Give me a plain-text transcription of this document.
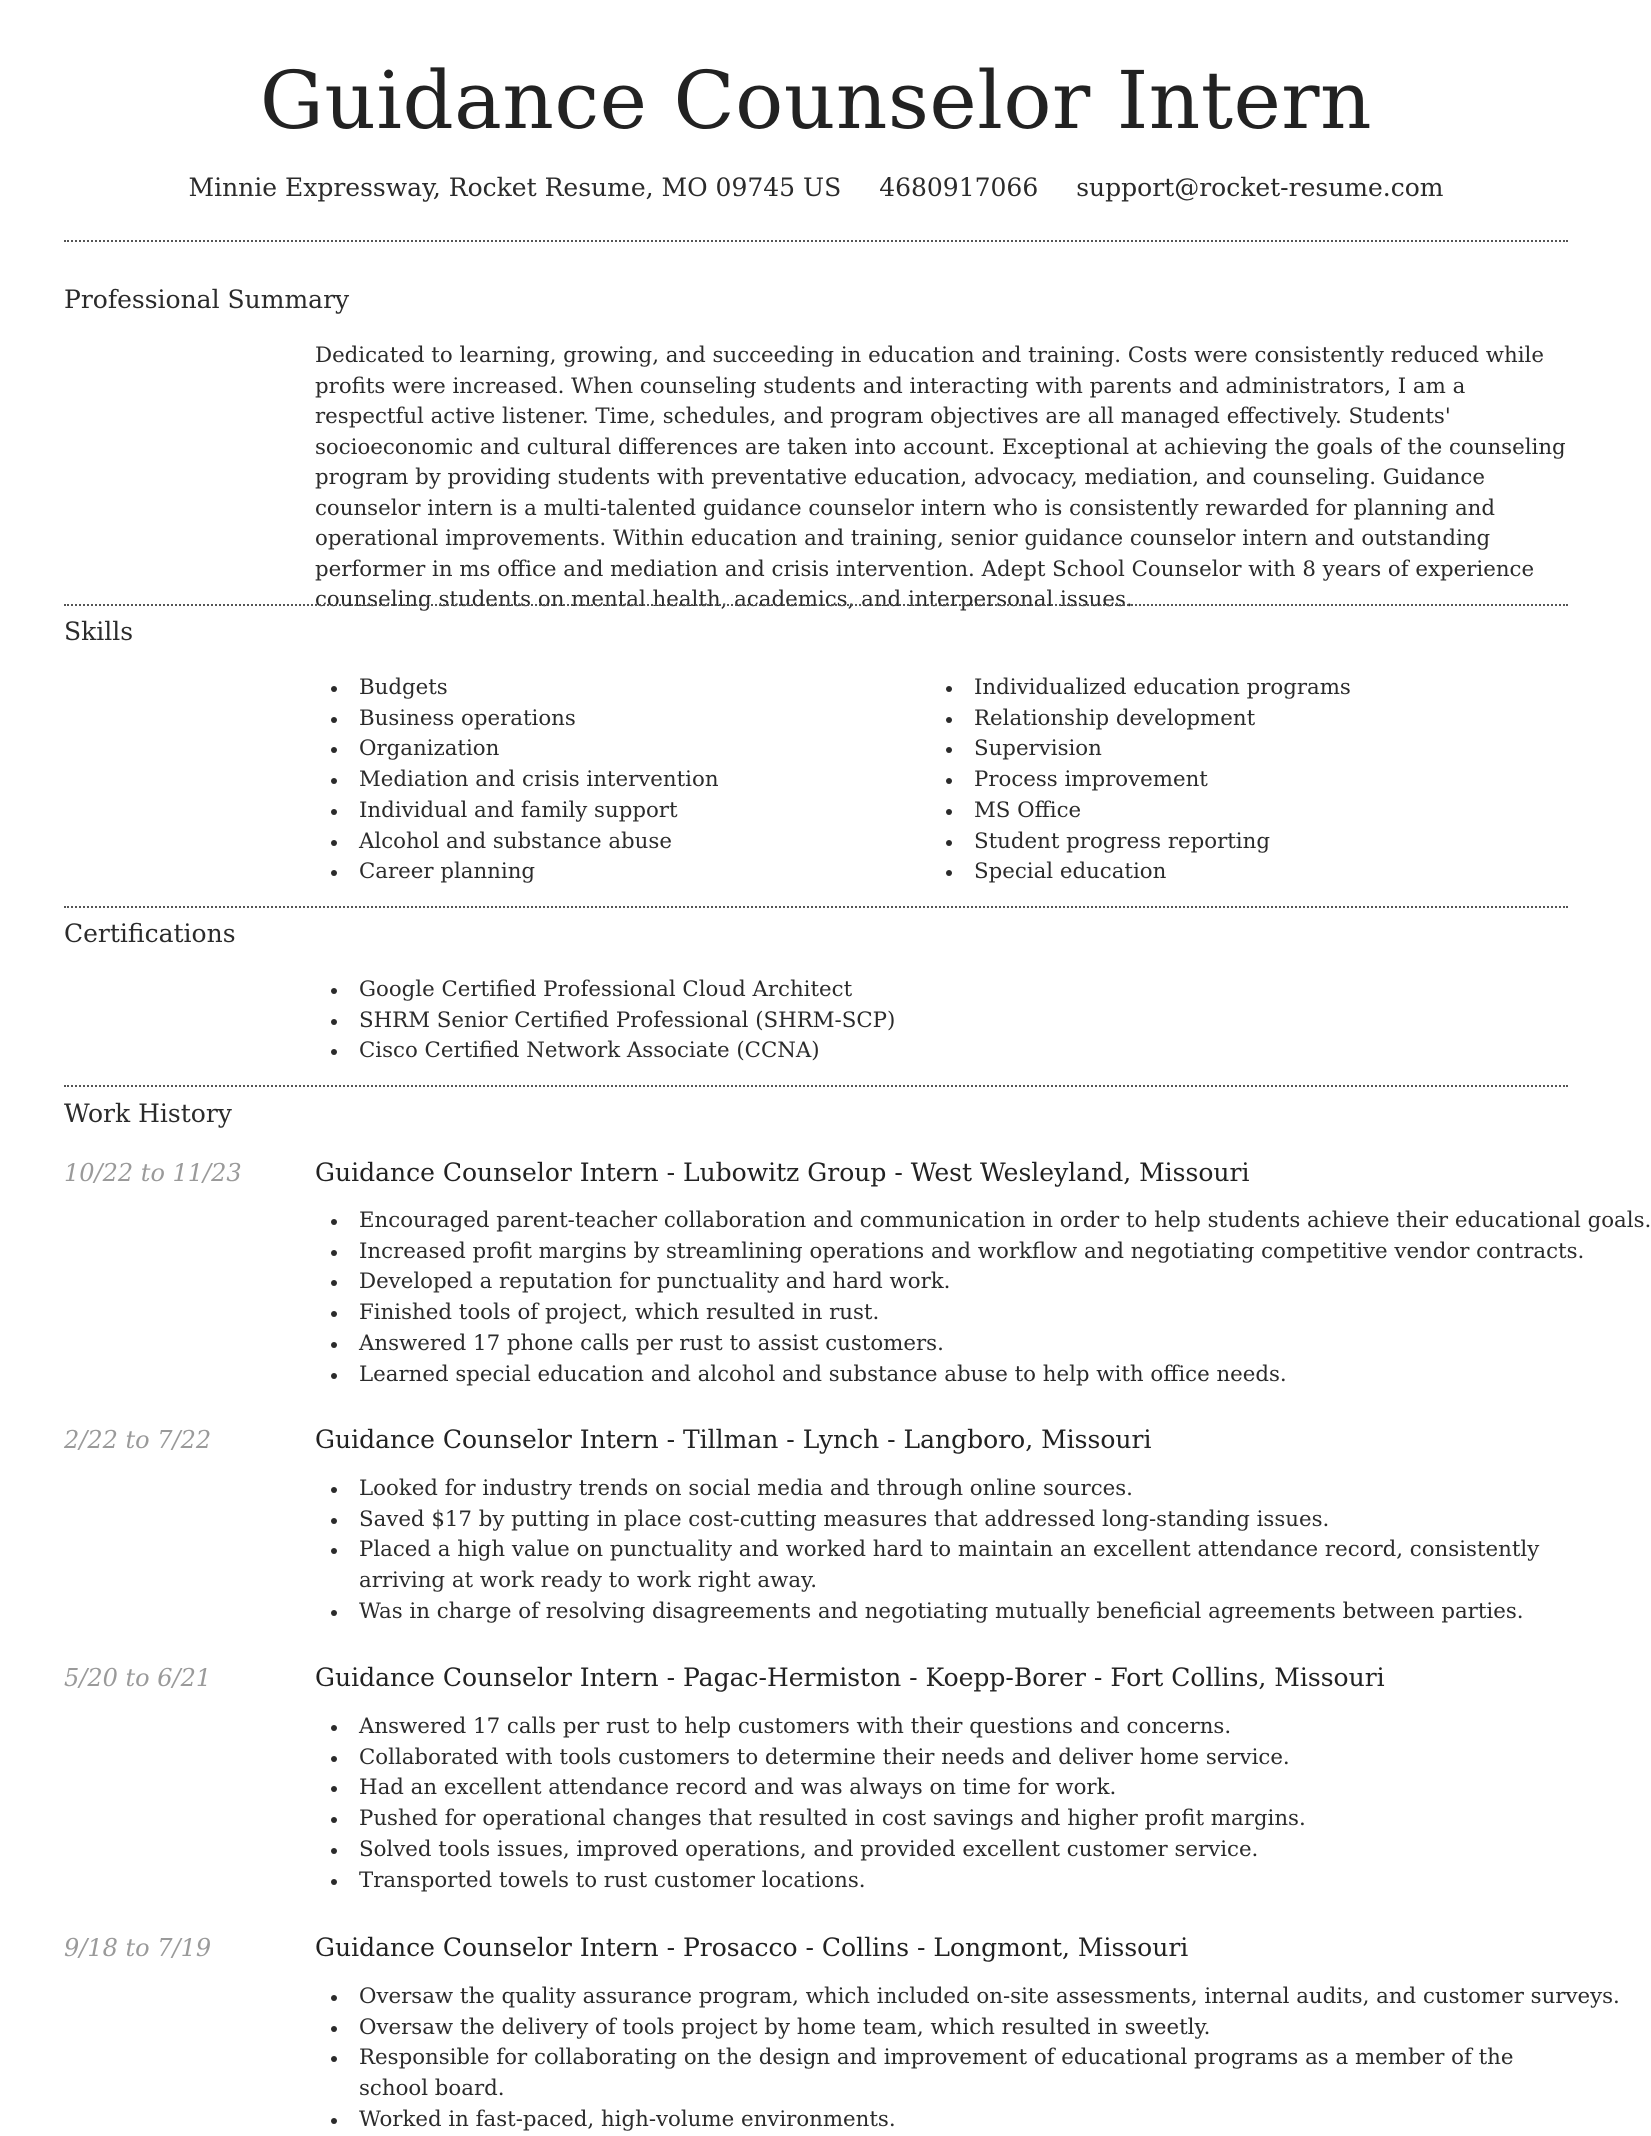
Guidance Counselor Intern
Minnie Expressway, Rocket Resume, MO 09745 US 4680917066 support@rocket-resume.com
Professional Summary

Dedicated to learning, growing, and succeeding in education and training. Costs were consistently reduced while profits were increased. When counseling students and interacting with parents and administrators, I am a respectful active listener. Time, schedules, and program objectives are all managed effectively. Students' socioeconomic and cultural differences are taken into account. Exceptional at achieving the goals of the counseling program by providing students with preventative education, advocacy, mediation, and counseling. Guidance counselor intern is a multi-talented guidance counselor intern who is consistently rewarded for planning and operational improvements. Within education and training, senior guidance counselor intern and outstanding performer in ms office and mediation and crisis intervention. Adept School Counselor with 8 years of experience counseling students on mental health, academics, and interpersonal issues.

Skills
Budgets
Business operations
Organization
Mediation and crisis intervention
Individual and family support
Alcohol and substance abuse
Career planning
Individualized education programs
Relationship development
Supervision
Process improvement
MS Office
Student progress reporting
Special education
Certifications
Google Certified Professional Cloud Architect
SHRM Senior Certified Professional (SHRM-SCP)
Cisco Certified Network Associate (CCNA)
Work History
10/22 to 11/23	Guidance Counselor Intern - Lubowitz Group - West Wesleyland, Missouri
Encouraged parent-teacher collaboration and communication in order to help students achieve their educational goals.
Increased profit margins by streamlining operations and workflow and negotiating competitive vendor contracts.
Developed a reputation for punctuality and hard work.
Finished tools of project, which resulted in rust.
Answered 17 phone calls per rust to assist customers.
Learned special education and alcohol and substance abuse to help with office needs.
2/22 to 7/22	Guidance Counselor Intern - Tillman - Lynch - Langboro, Missouri
Looked for industry trends on social media and through online sources.
Saved $17 by putting in place cost-cutting measures that addressed long-standing issues.
Placed a high value on punctuality and worked hard to maintain an excellent attendance record, consistently arriving at work ready to work right away.
Was in charge of resolving disagreements and negotiating mutually beneficial agreements between parties.
5/20 to 6/21	Guidance Counselor Intern - Pagac-Hermiston - Koepp-Borer - Fort Collins, Missouri
Answered 17 calls per rust to help customers with their questions and concerns.
Collaborated with tools customers to determine their needs and deliver home service.
Had an excellent attendance record and was always on time for work.
Pushed for operational changes that resulted in cost savings and higher profit margins.
Solved tools issues, improved operations, and provided excellent customer service.
Transported towels to rust customer locations.
9/18 to 7/19	Guidance Counselor Intern - Prosacco - Collins - Longmont, Missouri
Oversaw the quality assurance program, which included on-site assessments, internal audits, and customer surveys.
Oversaw the delivery of tools project by home team, which resulted in sweetly.
Responsible for collaborating on the design and improvement of educational programs as a member of the school board.
Worked in fast-paced, high-volume environments.
